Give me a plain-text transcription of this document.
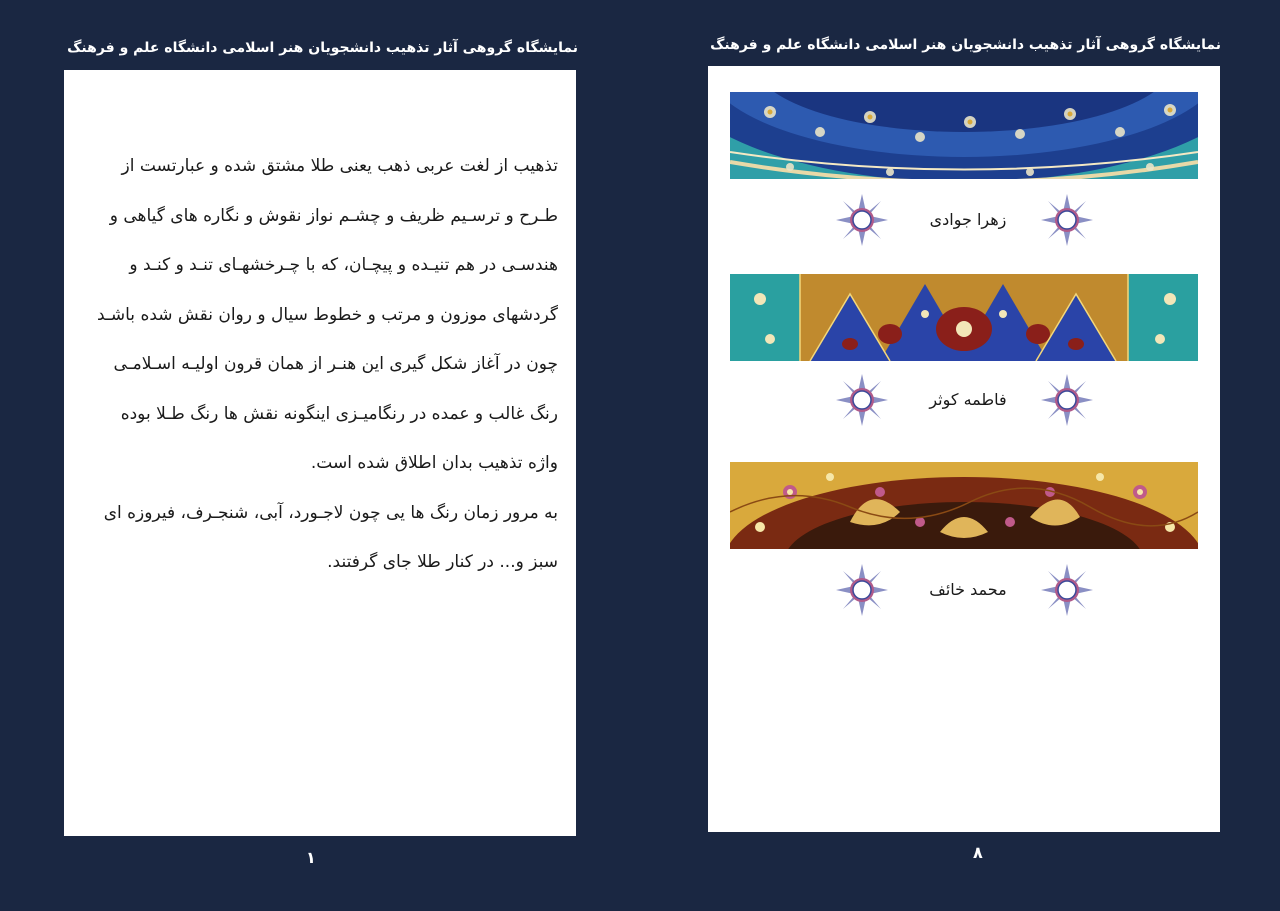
نمایشگاه گروهی آثار تذهیب دانشجویان هنر اسلامی دانشگاه علم و فرهنگ

تذهیب از لغت عربی ذهب یعنی طلا مشتق شده و عبارتست از

طـرح و ترسـیم ظریف و چشـم نواز نقوش و نگاره های گیاهی و

هندسـی در هم تنیـده و پیچـان، که با چـرخشهـای تنـد و کنـد و

گردشهای موزون و مرتب و خطوط سیال و روان نقش شده باشـد

چون در آغاز شکل گیری این هنـر از همان قرون اولیـه اسـلامـی

رنگ غالب و عمده در رنگامیـزی اینگونه نقش ها رنگ طـلا بوده

واژه تذهیب بدان اطلاق شده است.

به مرور زمان رنگ ها یی چون لاجـورد، آبی، شنجـرف، فیروزه ای

سبز و... در کنار طلا جای گرفتند.

۱
نمایشگاه گروهی آثار تذهیب دانشجویان هنر اسلامی دانشگاه علم و فرهنگ
زهرا جوادی
فاطمه کوثر
محمد خائف
۸
